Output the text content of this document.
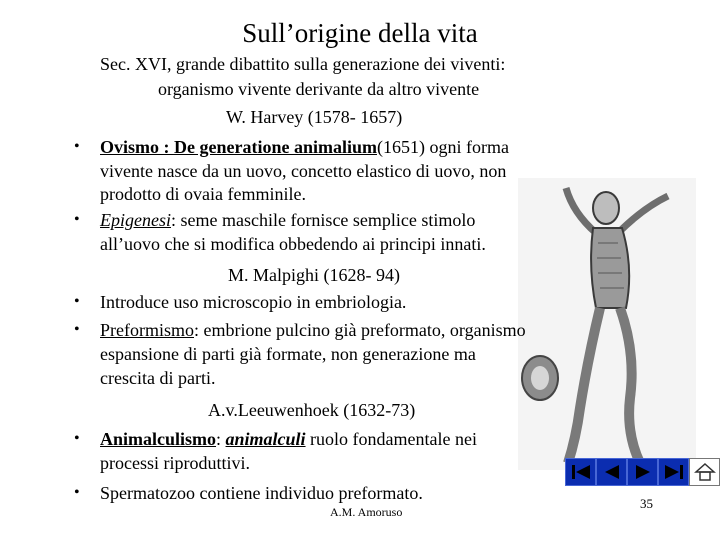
Sull’origine della vita
Sec. XVI, grande dibattito sulla generazione dei viventi:
organismo vivente derivante da altro vivente
W. Harvey (1578- 1657)
• Ovismo : De generatione animalium(1651) ogni forma
vivente nasce da un uovo, concetto elastico di uovo, non
prodotto di ovaia femminile.
• Epigenesi: seme maschile fornisce semplice stimolo
all’uovo che si modifica obbedendo ai principi innati.
M. Malpighi (1628- 94)
• Introduce uso microscopio in embriologia.
• Preformismo: embrione pulcino già preformato, organismo
espansione di parti già formate, non generazione ma
crescita di parti.
A.v.Leeuwenhoek (1632-73)
• Animalculismo: animalculi ruolo fondamentale nei
processi riproduttivi.
• Spermatozoo contiene individuo preformato.
35
A.M. Amoruso
